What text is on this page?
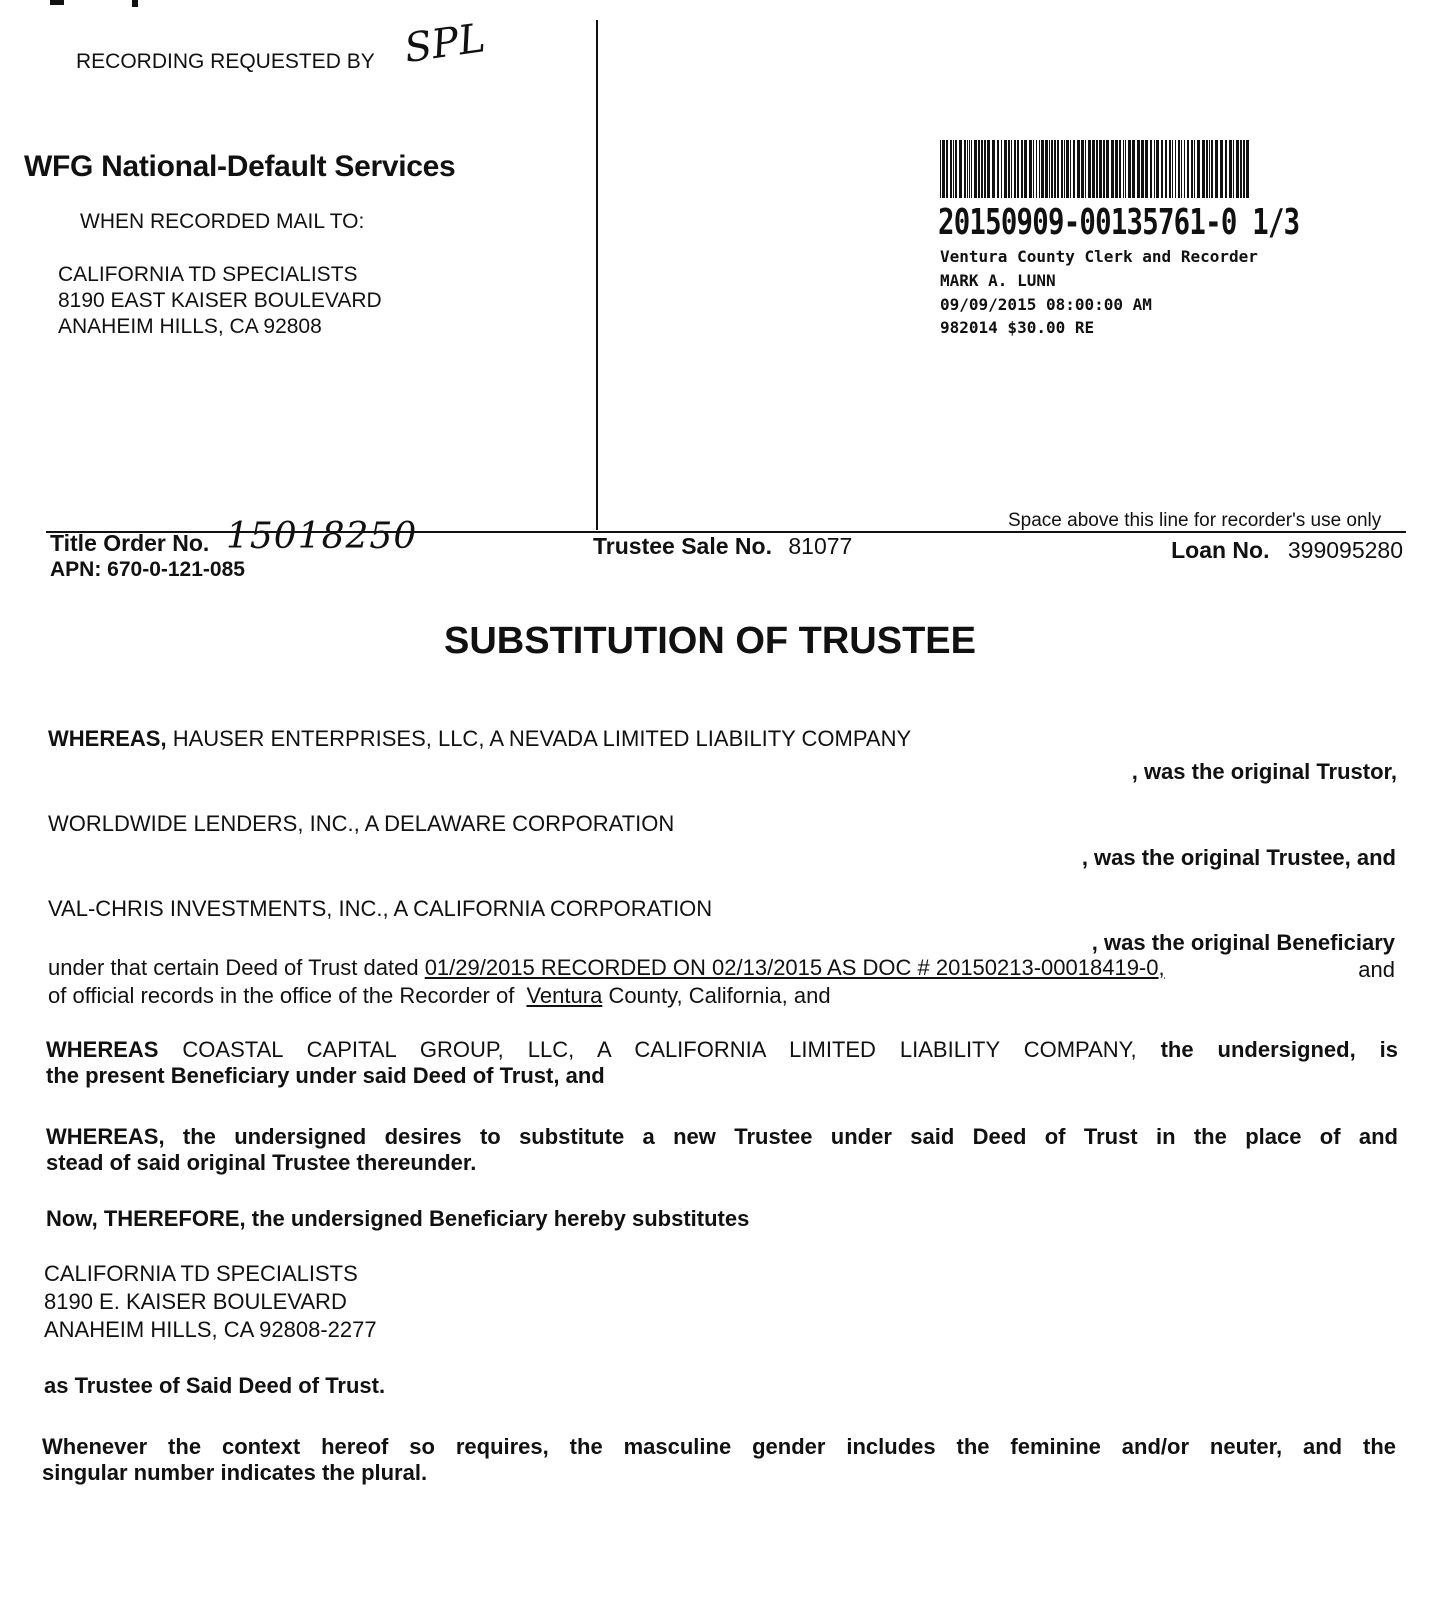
RECORDING REQUESTED BY SPL
WFG National-Default Services
WHEN RECORDED MAIL TO:
CALIFORNIA TD SPECIALISTS
8190 EAST KAISER BOULEVARD
ANAHEIM HILLS, CA 92808
20150909-00135761-0 1/3
Ventura County Clerk and Recorder
MARK A. LUNN
09/09/2015 08:00:00 AM
982014 $30.00 RE
Space above this line for recorder's use only
Title Order No. 15018250
APN: 670-0-121-085
Trustee Sale No. 81077	Loan No. 399095280
SUBSTITUTION OF TRUSTEE
WHEREAS, HAUSER ENTERPRISES, LLC, A NEVADA LIMITED LIABILITY COMPANY
, was the original Trustor,
WORLDWIDE LENDERS, INC., A DELAWARE CORPORATION
, was the original Trustee, and
VAL-CHRIS INVESTMENTS, INC., A CALIFORNIA CORPORATION
, was the original Beneficiary
under that certain Deed of Trust dated 01/29/2015 RECORDED ON 02/13/2015 AS DOC # 20150213-00018419-0,	and
of official records in the office of the Recorder of Ventura County, California, and
WHEREAS COASTAL CAPITAL GROUP, LLC, A CALIFORNIA LIMITED LIABILITY COMPANY, the undersigned, is
the present Beneficiary under said Deed of Trust, and
WHEREAS, the undersigned desires to substitute a new Trustee under said Deed of Trust in the place of and
stead of said original Trustee thereunder.
Now, THEREFORE, the undersigned Beneficiary hereby substitutes
CALIFORNIA TD SPECIALISTS
8190 E. KAISER BOULEVARD
ANAHEIM HILLS, CA 92808-2277
as Trustee of Said Deed of Trust.
Whenever the context hereof so requires, the masculine gender includes the feminine and/or neuter, and the
singular number indicates the plural.
